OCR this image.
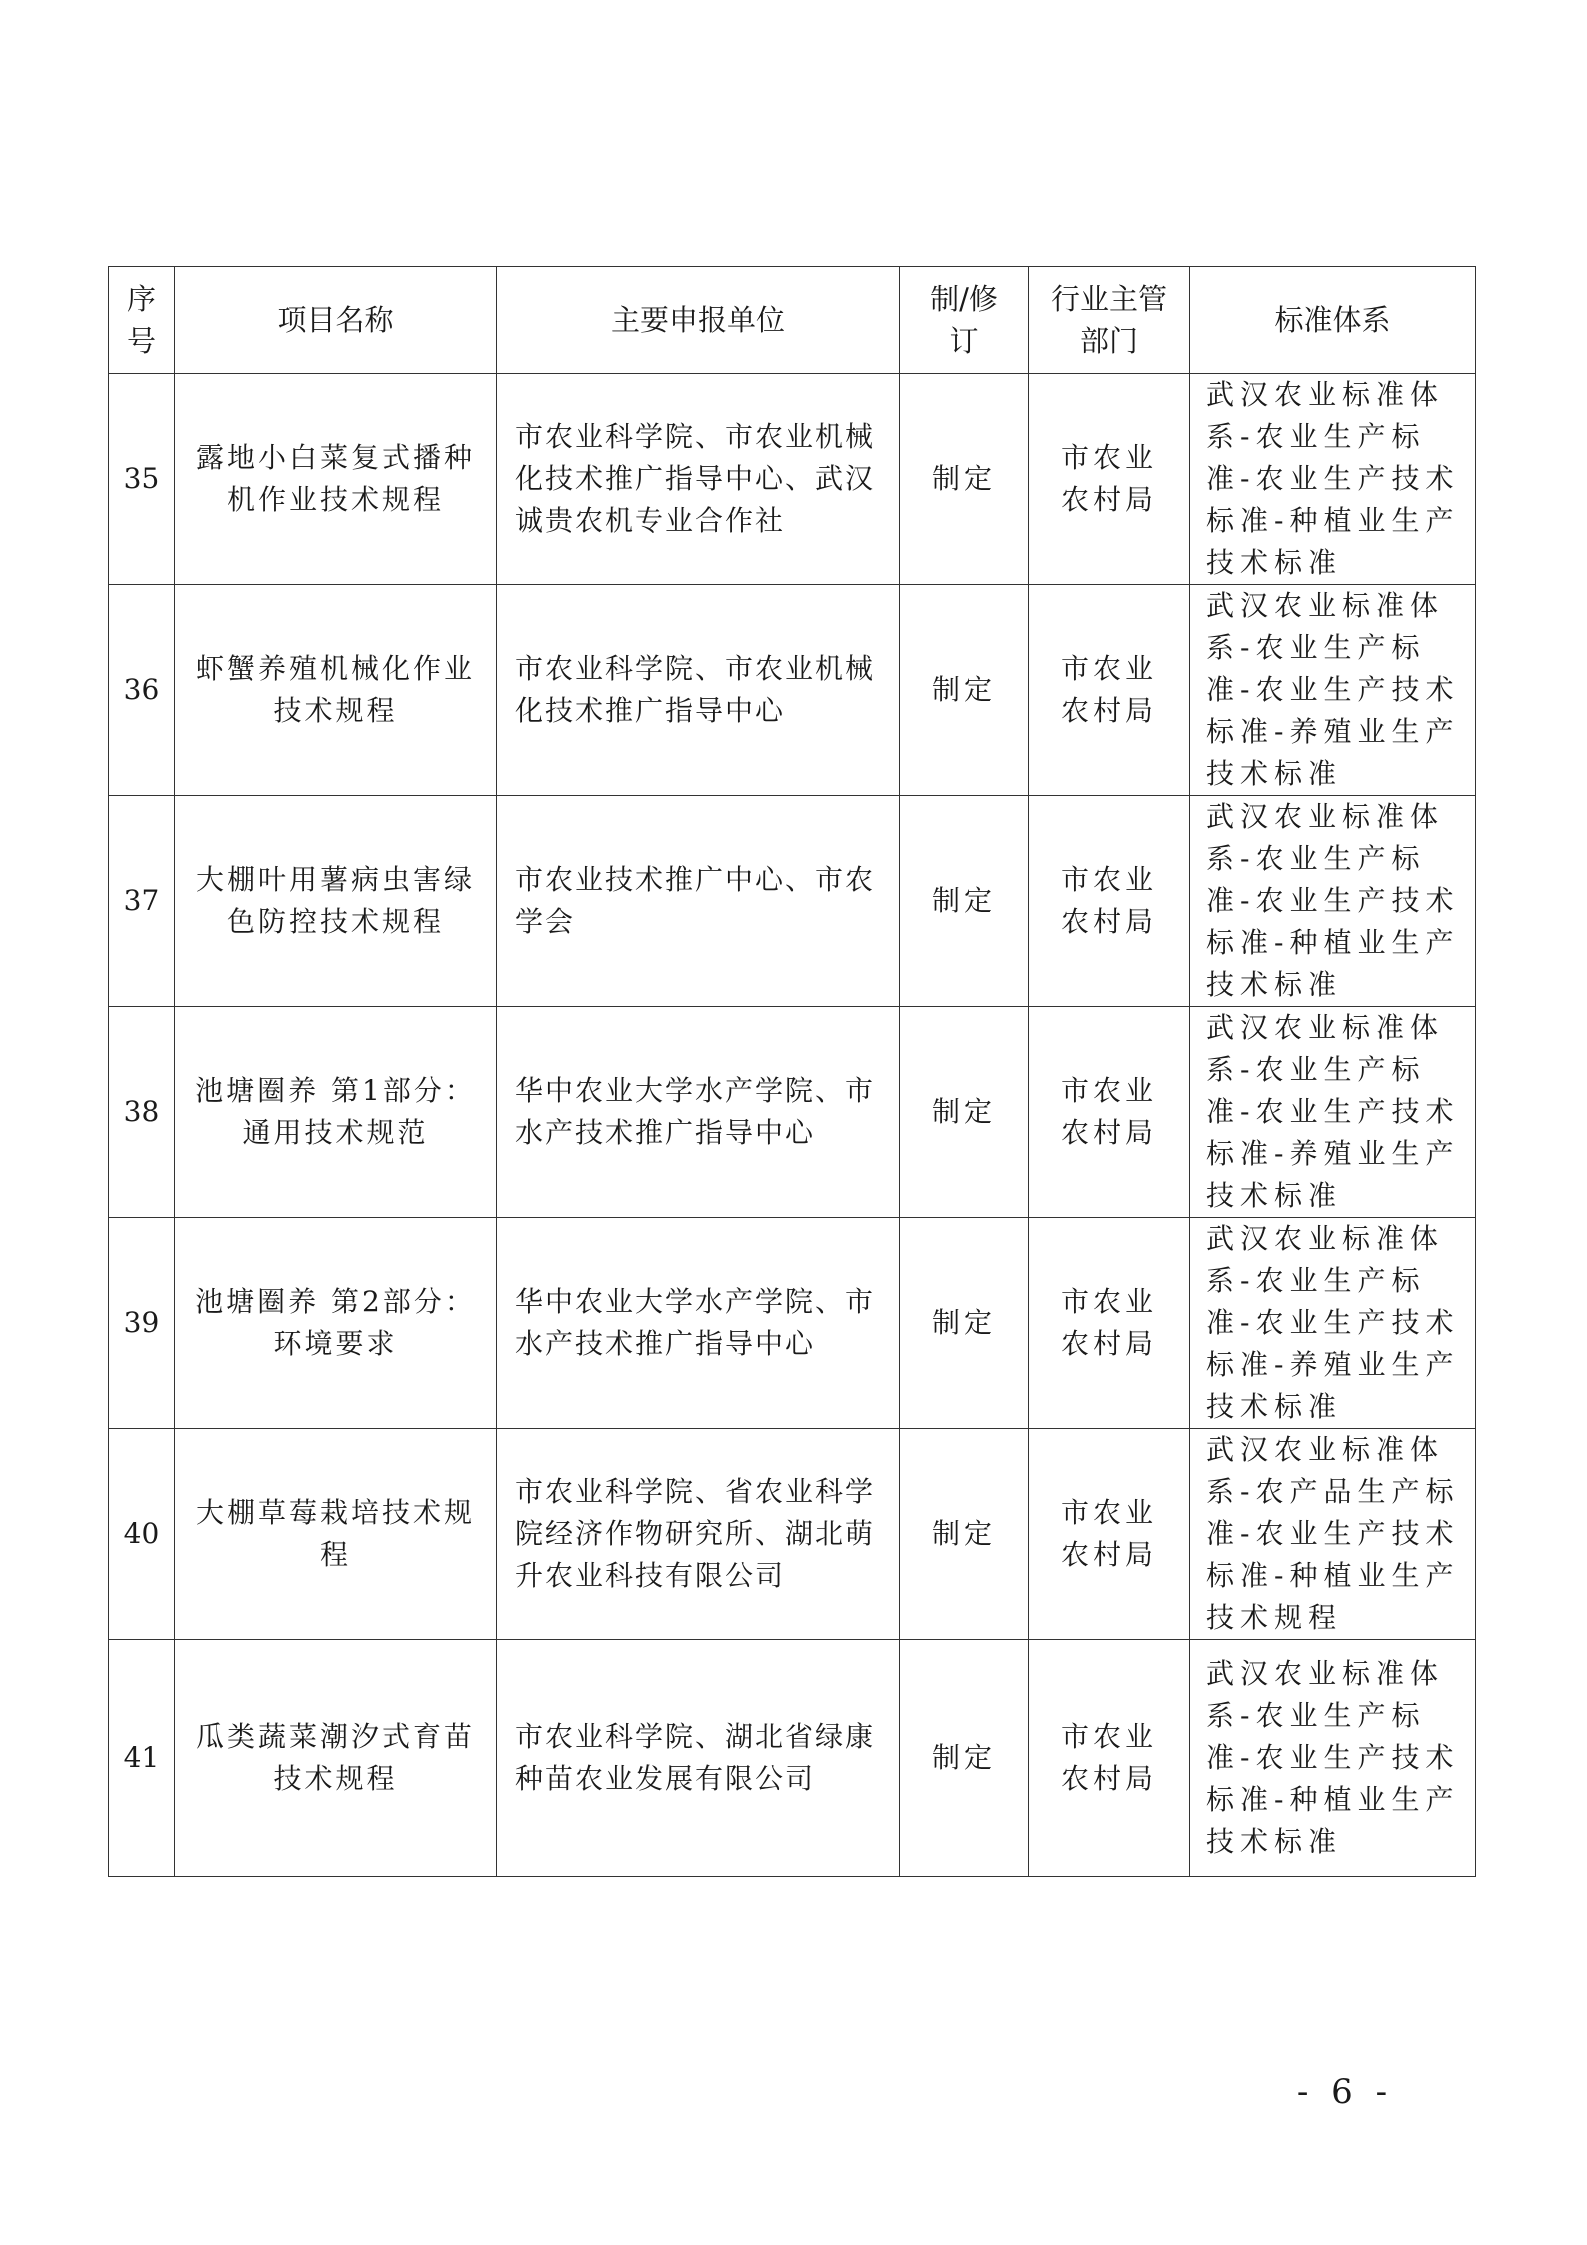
序号	项目名称	主要申报单位	制/修订	行业主管部门	标准体系
35	露地小白菜复式播种机作业技术规程	市农业科学院、市农业机械化技术推广指导中心、武汉诚贵农机专业合作社	制定	市农业农村局	武汉农业标准体系-农业生产标准-农业生产技术标准-种植业生产技术标准
36	虾蟹养殖机械化作业技术规程	市农业科学院、市农业机械化技术推广指导中心	制定	市农业农村局	武汉农业标准体系-农业生产标准-农业生产技术标准-养殖业生产技术标准
37	大棚叶用薯病虫害绿色防控技术规程	市农业技术推广中心、市农学会	制定	市农业农村局	武汉农业标准体系-农业生产标准-农业生产技术标准-种植业生产技术标准
38	池塘圈养 第1部分：通用技术规范	华中农业大学水产学院、市水产技术推广指导中心	制定	市农业农村局	武汉农业标准体系-农业生产标准-农业生产技术标准-养殖业生产技术标准
39	池塘圈养 第2部分：环境要求	华中农业大学水产学院、市水产技术推广指导中心	制定	市农业农村局	武汉农业标准体系-农业生产标准-农业生产技术标准-养殖业生产技术标准
40	大棚草莓栽培技术规程	市农业科学院、省农业科学院经济作物研究所、湖北萌升农业科技有限公司	制定	市农业农村局	武汉农业标准体系-农产品生产标准-农业生产技术标准-种植业生产技术规程
41	瓜类蔬菜潮汐式育苗技术规程	市农业科学院、湖北省绿康种苗农业发展有限公司	制定	市农业农村局	武汉农业标准体系-农业生产标准-农业生产技术标准-种植业生产技术标准
- 6 -
